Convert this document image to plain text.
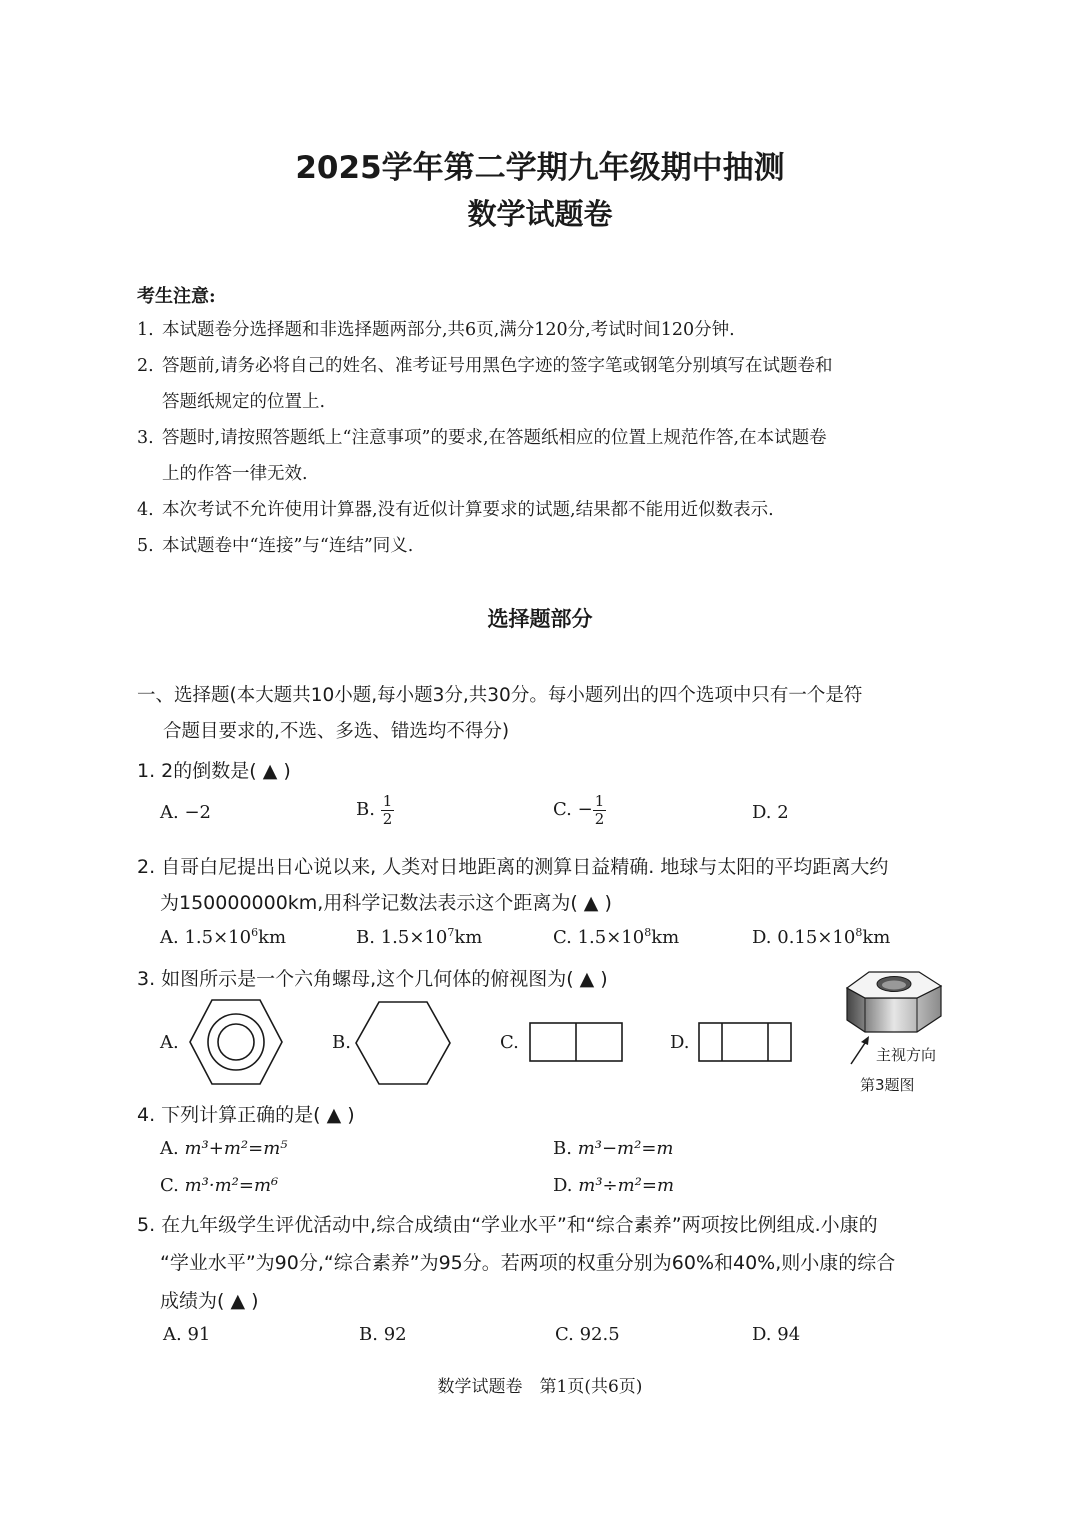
2025学年第二学期九年级期中抽测
数学试题卷
考生注意:
1. 本试题卷分选择题和非选择题两部分,共6页,满分120分,考试时间120分钟.
2. 答题前,请务必将自己的姓名、准考证号用黑色字迹的签字笔或钢笔分别填写在试题卷和
答题纸规定的位置上.
3. 答题时,请按照答题纸上“注意事项”的要求,在答题纸相应的位置上规范作答,在本试题卷
上的作答一律无效.
4. 本次考试不允许使用计算器,没有近似计算要求的试题,结果都不能用近似数表示.
5. 本试题卷中“连接”与“连结”同义.
选择题部分
一、选择题(本大题共10小题,每小题3分,共30分。每小题列出的四个选项中只有一个是符
合题目要求的,不选、多选、错选均不得分)
1. 2的倒数是( ▲ )
A. −2	B. $\frac{1}{2}$	C. − $\frac{1}{2}$	D. 2
2. 自哥白尼提出日心说以来, 人类对日地距离的测算日益精确. 地球与太阳的平均距离大约
为150000000km,用科学记数法表示这个距离为( ▲ )
A. $1.5\times 10^6km$	B. $1.5\times 10^7km$	C. $1.5\times 10^8km$	D. $0.15\times 10^8km$
3. 如图所示是一个六角螺母,这个几何体的俯视图为( ▲ )
A.	B.	C.	D.
主视方向
第3题图
4. 下列计算正确的是( ▲ )
A. m³+m²=m⁵	B. m³−m²=m
C. m³·m²=m⁶	D. m³÷m²=m
5. 在九年级学生评优活动中,综合成绩由“学业水平”和“综合素养”两项按比例组成.小康的
“学业水平”为90分,“综合素养”为95分。若两项的权重分别为60%和40%,则小康的综合
成绩为( ▲ )
A. 91	B. 92	C. 92.5	D. 94
数学试题卷　第1页(共6页)
